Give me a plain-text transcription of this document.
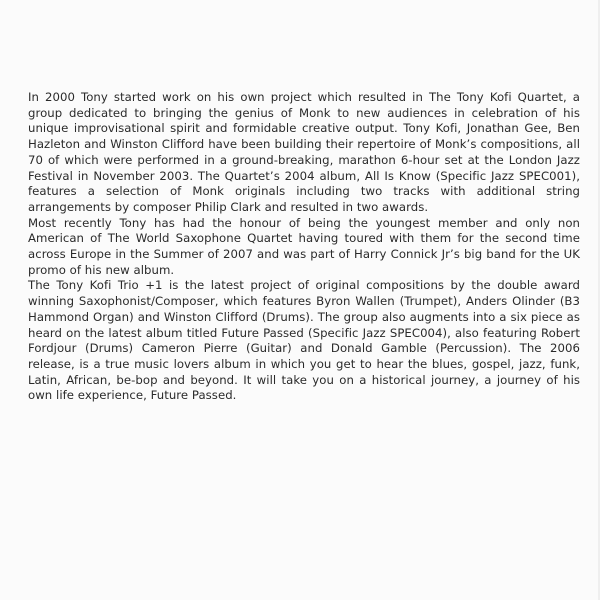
In 2000 Tony started work on his own project which resulted in The Tony Kofi Quartet, a group dedicated to bringing the genius of Monk to new audiences in celebration of his unique improvisational spirit and formidable creative output. Tony Kofi, Jonathan Gee, Ben Hazleton and Winston Clifford have been building their repertoire of Monk’s compositions, all 70 of which were performed in a ground-breaking, marathon 6-hour set at the London Jazz Festival in November 2003. The Quartet’s 2004 album, All Is Know (Specific Jazz SPEC001), features a selection of Monk originals including two tracks with additional string arrangements by composer Philip Clark and resulted in two awards.

Most recently Tony has had the honour of being the youngest member and only non American of The World Saxophone Quartet having toured with them for the second time across Europe in the Summer of 2007 and was part of Harry Connick Jr’s big band for the UK promo of his new album.

The Tony Kofi Trio +1 is the latest project of original compositions by the double award winning Saxophonist/Composer, which features Byron Wallen (Trumpet), Anders Olinder (B3 Hammond Organ) and Winston Clifford (Drums). The group also augments into a six piece as heard on the latest album titled Future Passed (Specific Jazz SPEC004), also featuring Robert Fordjour (Drums) Cameron Pierre (Guitar) and Donald Gamble (Percussion). The 2006 release, is a true music lovers album in which you get to hear the blues, gospel, jazz, funk, Latin, African, be-bop and beyond. It will take you on a historical journey, a journey of his own life experience, Future Passed.
